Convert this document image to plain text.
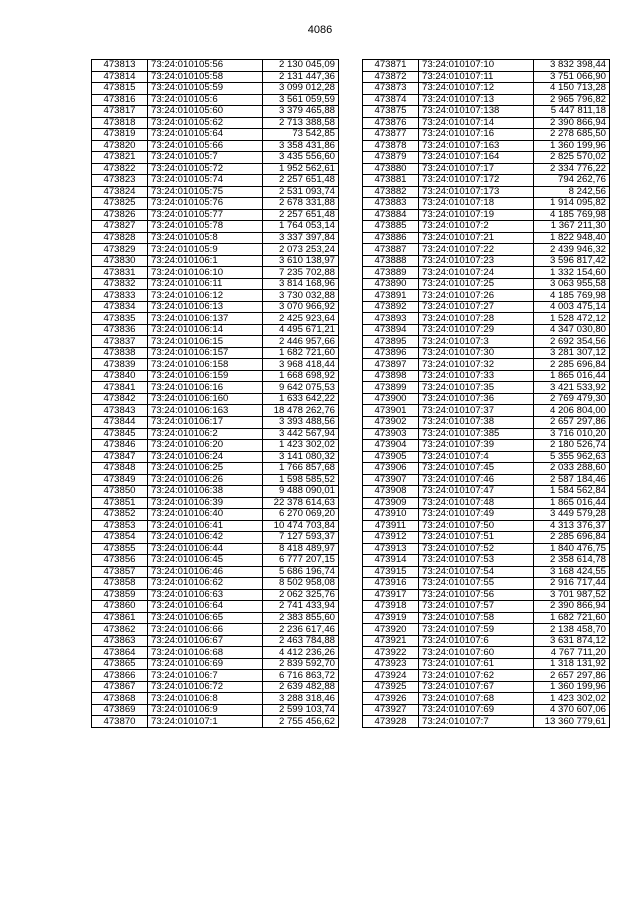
4086
473813	73:24:010105:56	2 130 045,09
473814	73:24:010105:58	2 131 447,36
473815	73:24:010105:59	3 099 012,28
473816	73:24:010105:6	3 561 059,59
473817	73:24:010105:60	3 379 465,88
473818	73:24:010105:62	2 713 388,58
473819	73:24:010105:64	73 542,85
473820	73:24:010105:66	3 358 431,86
473821	73:24:010105:7	3 435 556,60
473822	73:24:010105:72	1 952 562,61
473823	73:24:010105:74	2 257 651,48
473824	73:24:010105:75	2 531 093,74
473825	73:24:010105:76	2 678 331,88
473826	73:24:010105:77	2 257 651,48
473827	73:24:010105:78	1 764 053,14
473828	73:24:010105:8	3 337 397,84
473829	73:24:010105:9	2 073 253,24
473830	73:24:010106:1	3 610 138,97
473831	73:24:010106:10	7 235 702,88
473832	73:24:010106:11	3 814 168,96
473833	73:24:010106:12	3 730 032,88
473834	73:24:010106:13	3 070 966,92
473835	73:24:010106:137	2 425 923,64
473836	73:24:010106:14	4 495 671,21
473837	73:24:010106:15	2 446 957,66
473838	73:24:010106:157	1 682 721,60
473839	73:24:010106:158	3 968 418,44
473840	73:24:010106:159	1 668 698,92
473841	73:24:010106:16	9 642 075,53
473842	73:24:010106:160	1 633 642,22
473843	73:24:010106:163	18 478 262,76
473844	73:24:010106:17	3 393 488,56
473845	73:24:010106:2	3 442 567,94
473846	73:24:010106:20	1 423 302,02
473847	73:24:010106:24	3 141 080,32
473848	73:24:010106:25	1 766 857,68
473849	73:24:010106:26	1 598 585,52
473850	73:24:010106:38	9 488 090,01
473851	73:24:010106:39	22 378 614,63
473852	73:24:010106:40	6 270 069,20
473853	73:24:010106:41	10 474 703,84
473854	73:24:010106:42	7 127 593,37
473855	73:24:010106:44	8 418 489,97
473856	73:24:010106:45	6 777 207,15
473857	73:24:010106:46	5 686 196,74
473858	73:24:010106:62	8 502 958,08
473859	73:24:010106:63	2 062 325,76
473860	73:24:010106:64	2 741 433,94
473861	73:24:010106:65	2 383 855,60
473862	73:24:010106:66	2 236 617,46
473863	73:24:010106:67	2 463 784,88
473864	73:24:010106:68	4 412 236,26
473865	73:24:010106:69	2 839 592,70
473866	73:24:010106:7	6 716 863,72
473867	73:24:010106:72	2 639 482,88
473868	73:24:010106:8	3 288 318,46
473869	73:24:010106:9	2 599 103,74
473870	73:24:010107:1	2 755 456,62
473871	73:24:010107:10	3 832 398,44
473872	73:24:010107:11	3 751 066,90
473873	73:24:010107:12	4 150 713,28
473874	73:24:010107:13	2 965 796,82
473875	73:24:010107:138	5 447 811,18
473876	73:24:010107:14	2 390 866,94
473877	73:24:010107:16	2 278 685,50
473878	73:24:010107:163	1 360 199,96
473879	73:24:010107:164	2 825 570,02
473880	73:24:010107:17	2 334 776,22
473881	73:24:010107:172	794 262,76
473882	73:24:010107:173	8 242,56
473883	73:24:010107:18	1 914 095,82
473884	73:24:010107:19	4 185 769,98
473885	73:24:010107:2	1 367 211,30
473886	73:24:010107:21	1 822 948,40
473887	73:24:010107:22	2 439 946,32
473888	73:24:010107:23	3 596 817,42
473889	73:24:010107:24	1 332 154,60
473890	73:24:010107:25	3 063 955,58
473891	73:24:010107:26	4 185 769,98
473892	73:24:010107:27	4 003 475,14
473893	73:24:010107:28	1 528 472,12
473894	73:24:010107:29	4 347 030,80
473895	73:24:010107:3	2 692 354,56
473896	73:24:010107:30	3 281 307,12
473897	73:24:010107:32	2 285 696,84
473898	73:24:010107:33	1 865 016,44
473899	73:24:010107:35	3 421 533,92
473900	73:24:010107:36	2 769 479,30
473901	73:24:010107:37	4 206 804,00
473902	73:24:010107:38	2 657 297,86
473903	73:24:010107:385	3 716 010,20
473904	73:24:010107:39	2 180 526,74
473905	73:24:010107:4	5 355 962,63
473906	73:24:010107:45	2 033 288,60
473907	73:24:010107:46	2 587 184,46
473908	73:24:010107:47	1 584 562,84
473909	73:24:010107:48	1 865 016,44
473910	73:24:010107:49	3 449 579,28
473911	73:24:010107:50	4 313 376,37
473912	73:24:010107:51	2 285 696,84
473913	73:24:010107:52	1 840 476,75
473914	73:24:010107:53	2 358 614,78
473915	73:24:010107:54	3 168 424,55
473916	73:24:010107:55	2 916 717,44
473917	73:24:010107:56	3 701 987,52
473918	73:24:010107:57	2 390 866,94
473919	73:24:010107:58	1 682 721,60
473920	73:24:010107:59	2 138 458,70
473921	73:24:010107:6	3 631 874,12
473922	73:24:010107:60	4 767 711,20
473923	73:24:010107:61	1 318 131,92
473924	73:24:010107:62	2 657 297,86
473925	73:24:010107:67	1 360 199,96
473926	73:24:010107:68	1 423 302,02
473927	73:24:010107:69	4 370 607,06
473928	73:24:010107:7	13 360 779,61
